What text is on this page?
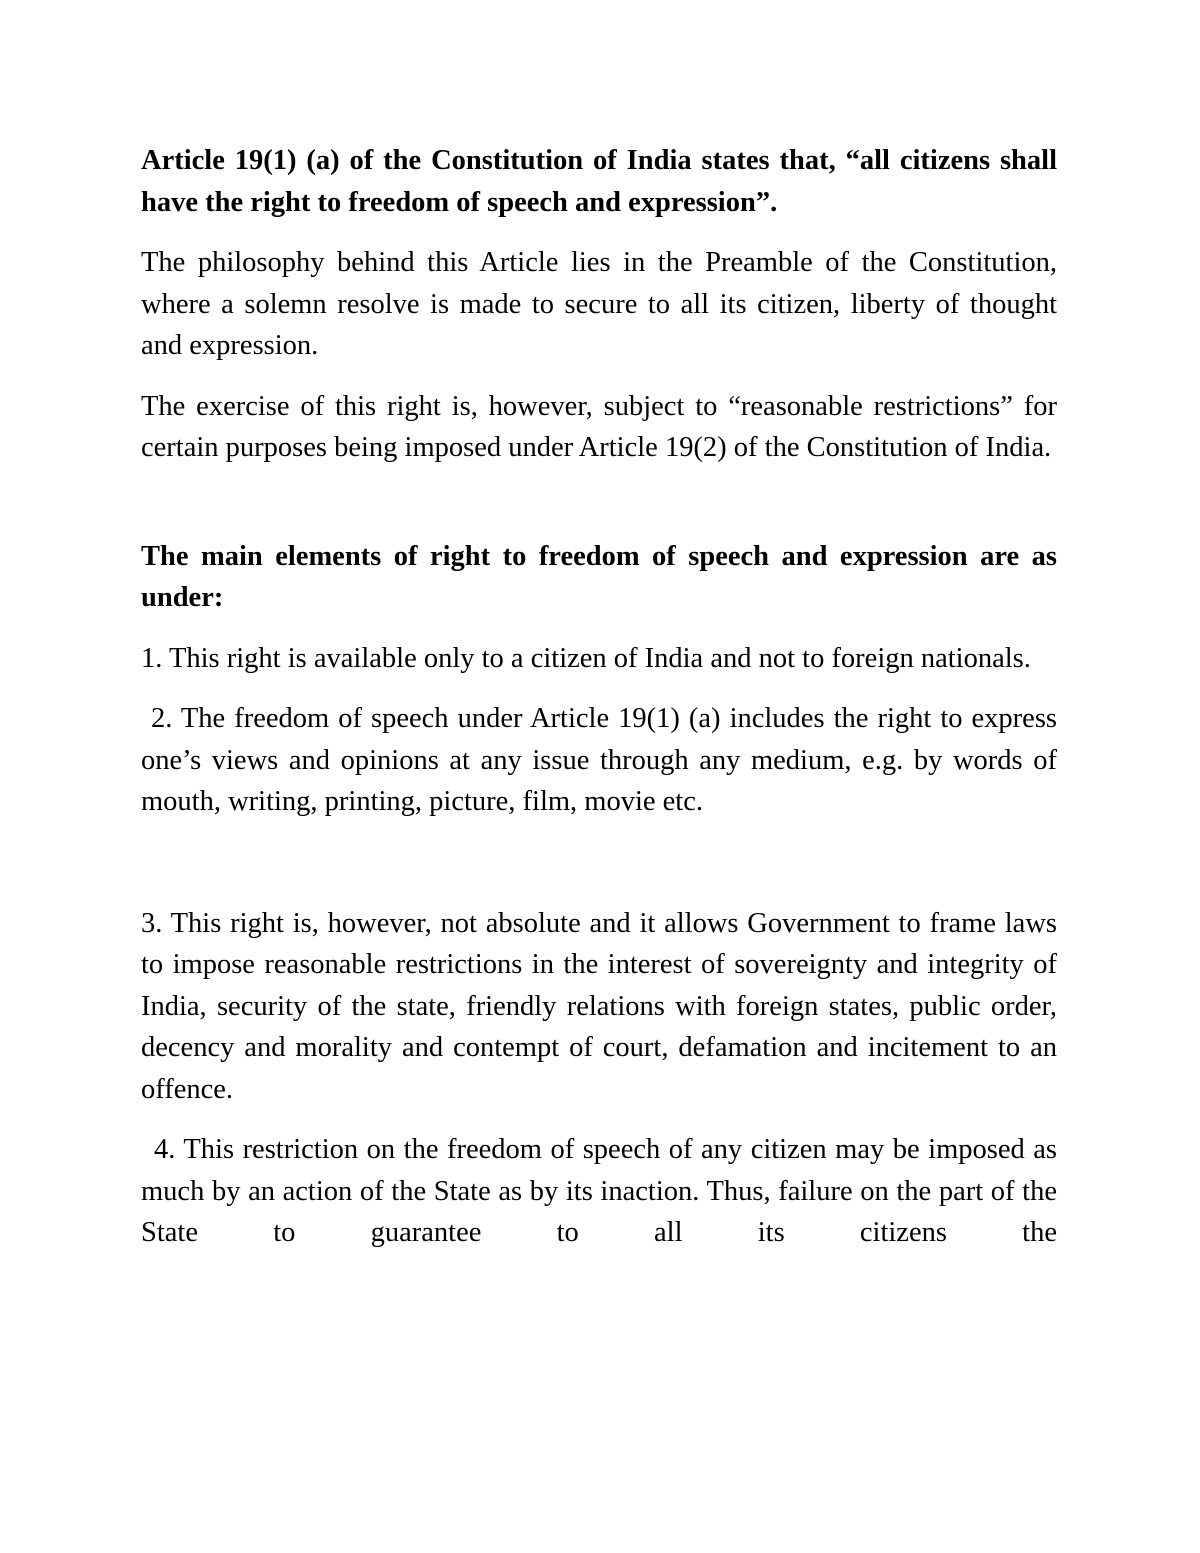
Article 19(1) (a) of the Constitution of India states that, “all citizens shall have the right to freedom of speech and expression”.

The philosophy behind this Article lies in the Preamble of the Constitution, where a solemn resolve is made to secure to all its citizen, liberty of thought and expression.

The exercise of this right is, however, subject to “reasonable restrictions” for certain purposes being imposed under Article 19(2) of the Constitution of India.

The main elements of right to freedom of speech and expression are as under:

1. This right is available only to a citizen of India and not to foreign nationals.

2. The freedom of speech under Article 19(1) (a) includes the right to express one’s views and opinions at any issue through any medium, e.g. by words of mouth, writing, printing, picture, film, movie etc.

3. This right is, however, not absolute and it allows Government to frame laws to impose reasonable restrictions in the interest of sovereignty and integrity of India, security of the state, friendly relations with foreign states, public order, decency and morality and contempt of court, defamation and incitement to an offence.

4. This restriction on the freedom of speech of any citizen may be imposed as much by an action of the State as by its inaction. Thus, failure on the part of the State to guarantee to all its citizens the
